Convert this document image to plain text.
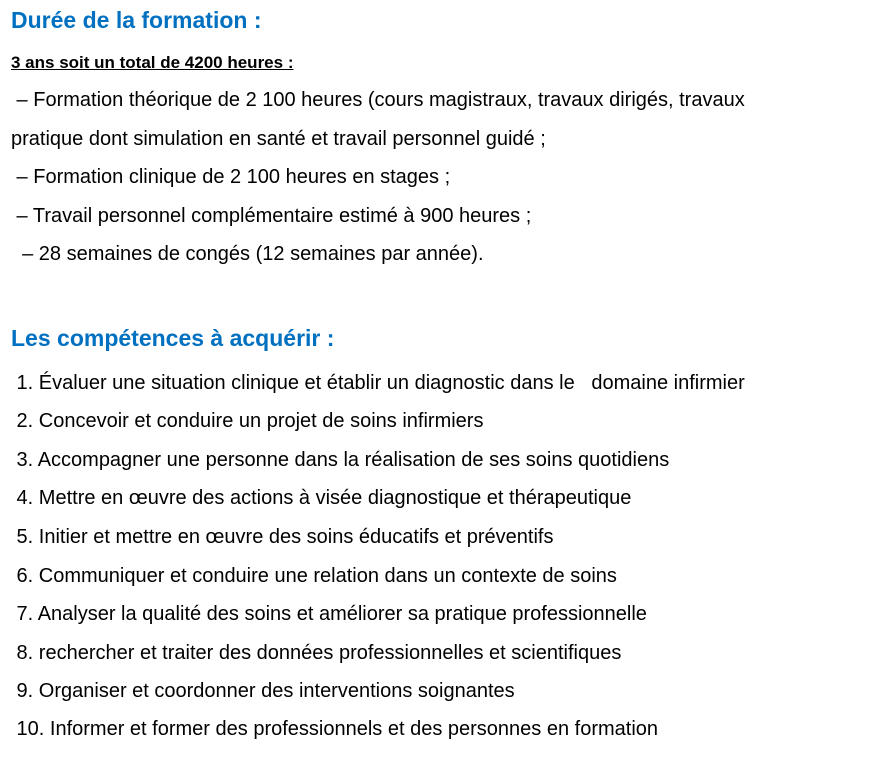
Durée de la formation :
3 ans soit un total de 4200 heures :

– Formation théorique de 2 100 heures (cours magistraux, travaux dirigés, travaux

pratique dont simulation en santé et travail personnel guidé ;

– Formation clinique de 2 100 heures en stages ;

– Travail personnel complémentaire estimé à 900 heures ;

– 28 semaines de congés (12 semaines par année).

Les compétences à acquérir :
1. Évaluer une situation clinique et établir un diagnostic dans le   domaine infirmier
2. Concevoir et conduire un projet de soins infirmiers
3. Accompagner une personne dans la réalisation de ses soins quotidiens
4. Mettre en œuvre des actions à visée diagnostique et thérapeutique
5. Initier et mettre en œuvre des soins éducatifs et préventifs
6. Communiquer et conduire une relation dans un contexte de soins
7. Analyser la qualité des soins et améliorer sa pratique professionnelle
8. rechercher et traiter des données professionnelles et scientifiques
9. Organiser et coordonner des interventions soignantes
10. Informer et former des professionnels et des personnes en formation
